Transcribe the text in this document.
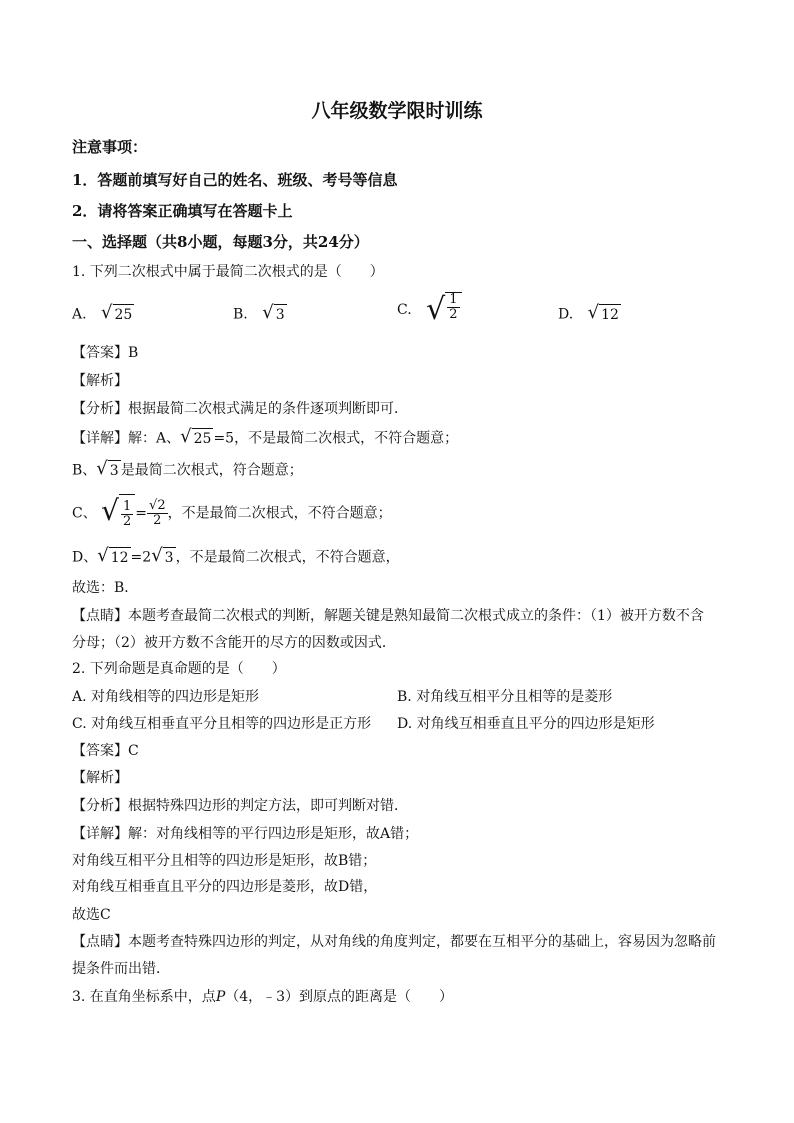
八年级数学限时训练
注意事项：
1．答题前填写好自己的姓名、班级、考号等信息
2．请将答案正确填写在答题卡上
一、选择题（共8小题，每题3分，共24分）
1. 下列二次根式中属于最简二次根式的是（　　）
A. √ 25	B. √ 3	C. √ $\frac{1}{2}$	D. √ 12
【答案】B
【解析】
【分析】根据最简二次根式满足的条件逐项判断即可．
【详解】解：A、 √ 25 =5，不是最简二次根式，不符合题意；
B、 √ 3 是最简二次根式，符合题意；
C、 √ $\frac{1}{2} = \frac{√2}{2}$ ，不是最简二次根式，不符合题意；
D、 √ 12 =2 √ 3 ，不是最简二次根式，不符合题意，
故选：B．
【点睛】本题考查最简二次根式的判断，解题关键是熟知最简二次根式成立的条件：（1）被开方数不含
分母；（2）被开方数不含能开的尽方的因数或因式．
2. 下列命题是真命题的是（　　）
A. 对角线相等的四边形是矩形	B. 对角线互相平分且相等的是菱形
C. 对角线互相垂直平分且相等的四边形是正方形 D. 对角线互相垂直且平分的四边形是矩形
【答案】C
【解析】
【分析】根据特殊四边形的判定方法，即可判断对错．
【详解】解：对角线相等的平行四边形是矩形，故A错；
对角线互相平分且相等的四边形是矩形，故B错；
对角线互相垂直且平分的四边形是菱形，故D错，
故选C
【点睛】本题考查特殊四边形的判定，从对角线的角度判定，都要在互相平分的基础上，容易因为忽略前
提条件而出错．
3. 在直角坐标系中，点P（4，﹣3）到原点的距离是（　　）
